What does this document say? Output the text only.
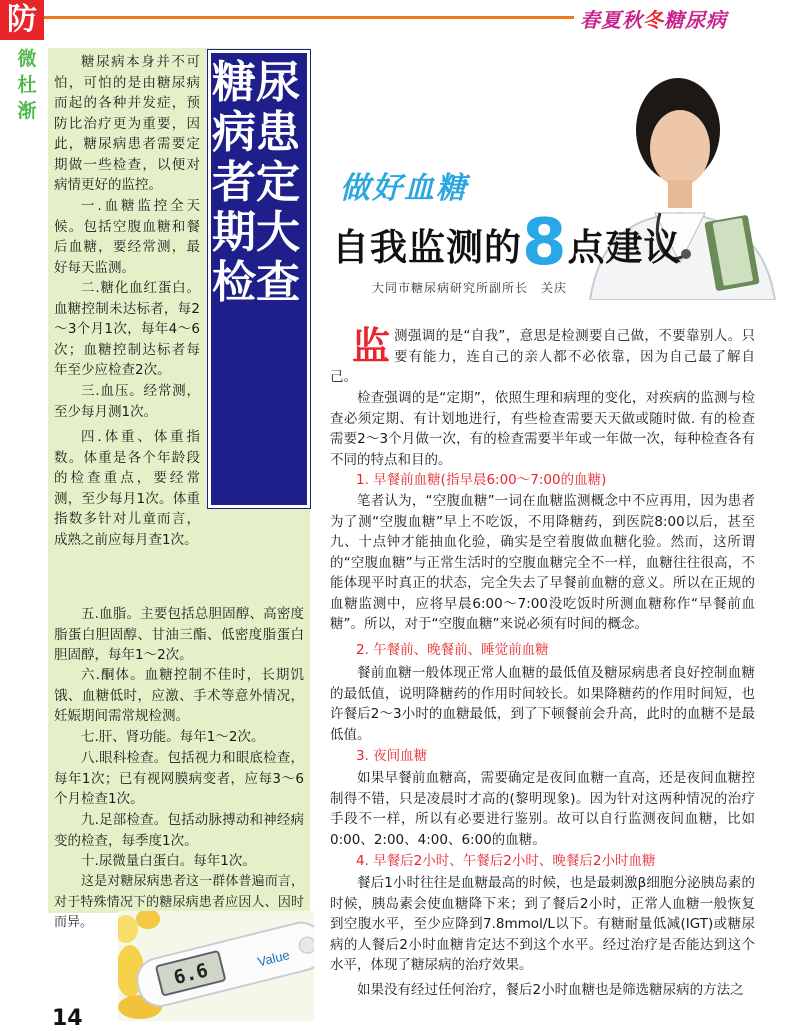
防	春夏秋冬糖尿病
微杜渐
糖尿病患者定期大检查

糖尿病本身并不可怕，可怕的是由糖尿病而起的各种并发症，预防比治疗更为重要，因此，糖尿病患者需要定期做一些检查，以便对病情更好的监控。

一.血糖监控全天候。包括空腹血糖和餐后血糖，要经常测，最好每天监测。

二.糖化血红蛋白。血糖控制未达标者，每2～3个月1次，每年4～6次；血糖控制达标者每年至少应检查2次。

三.血压。经常测，至少每月测1次。

四.体重、体重指数。体重是各个年龄段的检查重点，要经常测，至少每月1次。体重指数多针对儿童而言，成熟之前应每月查1次。

五.血脂。主要包括总胆固醇、高密度脂蛋白胆固醇、甘油三酯、低密度脂蛋白胆固醇，每年1～2次。

六.酮体。血糖控制不佳时，长期饥饿、血糖低时，应激、手术等意外情况，妊娠期间需常规检测。

七.肝、肾功能。每年1～2次。

八.眼科检查。包括视力和眼底检查，每年1次；已有视网膜病变者，应每3～6个月检查1次。

九.足部检查。包括动脉搏动和神经病变的检查，每季度1次。

十.尿微量白蛋白。每年1次。

这是对糖尿病患者这一群体普遍而言，对于特殊情况下的糖尿病患者应因人、因时而异。

6.6
Value
做好血糖
自我监测的8点建议
大同市糖尿病研究所副所长　关庆

监测强调的是“自我”，意思是检测要自己做，不要靠别人。只要有能力，连自己的亲人都不必依靠，因为自己最了解自己。

检查强调的是“定期”，依照生理和病理的变化，对疾病的监测与检查必须定期、有计划地进行，有些检查需要天天做或随时做. 有的检查需要2～3个月做一次，有的检查需要半年或一年做一次，每种检查各有不同的特点和目的。

1. 早餐前血糖(指早晨6:00～7:00的血糖)

笔者认为，“空腹血糖”一词在血糖监测概念中不应再用，因为患者为了测“空腹血糖”早上不吃饭，不用降糖药，到医院8:00以后，甚至九、十点钟才能抽血化验，确实是空着腹做血糖化验。然而，这所谓的“空腹血糖”与正常生活时的空腹血糖完全不一样，血糖往往很高，不能体现平时真正的状态，完全失去了早餐前血糖的意义。所以在正规的血糖监测中，应将早晨6:00～7:00没吃饭时所测血糖称作“早餐前血糖”。所以，对于“空腹血糖”来说必须有时间的概念。

2. 午餐前、晚餐前、睡觉前血糖

餐前血糖一般体现正常人血糖的最低值及糖尿病患者良好控制血糖的最低值，说明降糖药的作用时间较长。如果降糖药的作用时间短，也许餐后2～3小时的血糖最低，到了下顿餐前会升高，此时的血糖不是最低值。

3. 夜间血糖

如果早餐前血糖高，需要确定是夜间血糖一直高，还是夜间血糖控制得不错，只是凌晨时才高的(黎明现象)。因为针对这两种情况的治疗手段不一样，所以有必要进行鉴别。故可以自行监测夜间血糖，比如0:00、2:00、4:00、6:00的血糖。

4. 早餐后2小时、午餐后2小时、晚餐后2小时血糖

餐后1小时往往是血糖最高的时候，也是最刺激β细胞分泌胰岛素的时候，胰岛素会使血糖降下来；到了餐后2小时，正常人血糖一般恢复到空腹水平，至少应降到7.8mmol/L以下。有糖耐量低减(IGT)或糖尿病的人餐后2小时血糖肯定达不到这个水平。经过治疗是否能达到这个水平，体现了糖尿病的治疗效果。

如果没有经过任何治疗，餐后2小时血糖也是筛选糖尿病的方法之

14
